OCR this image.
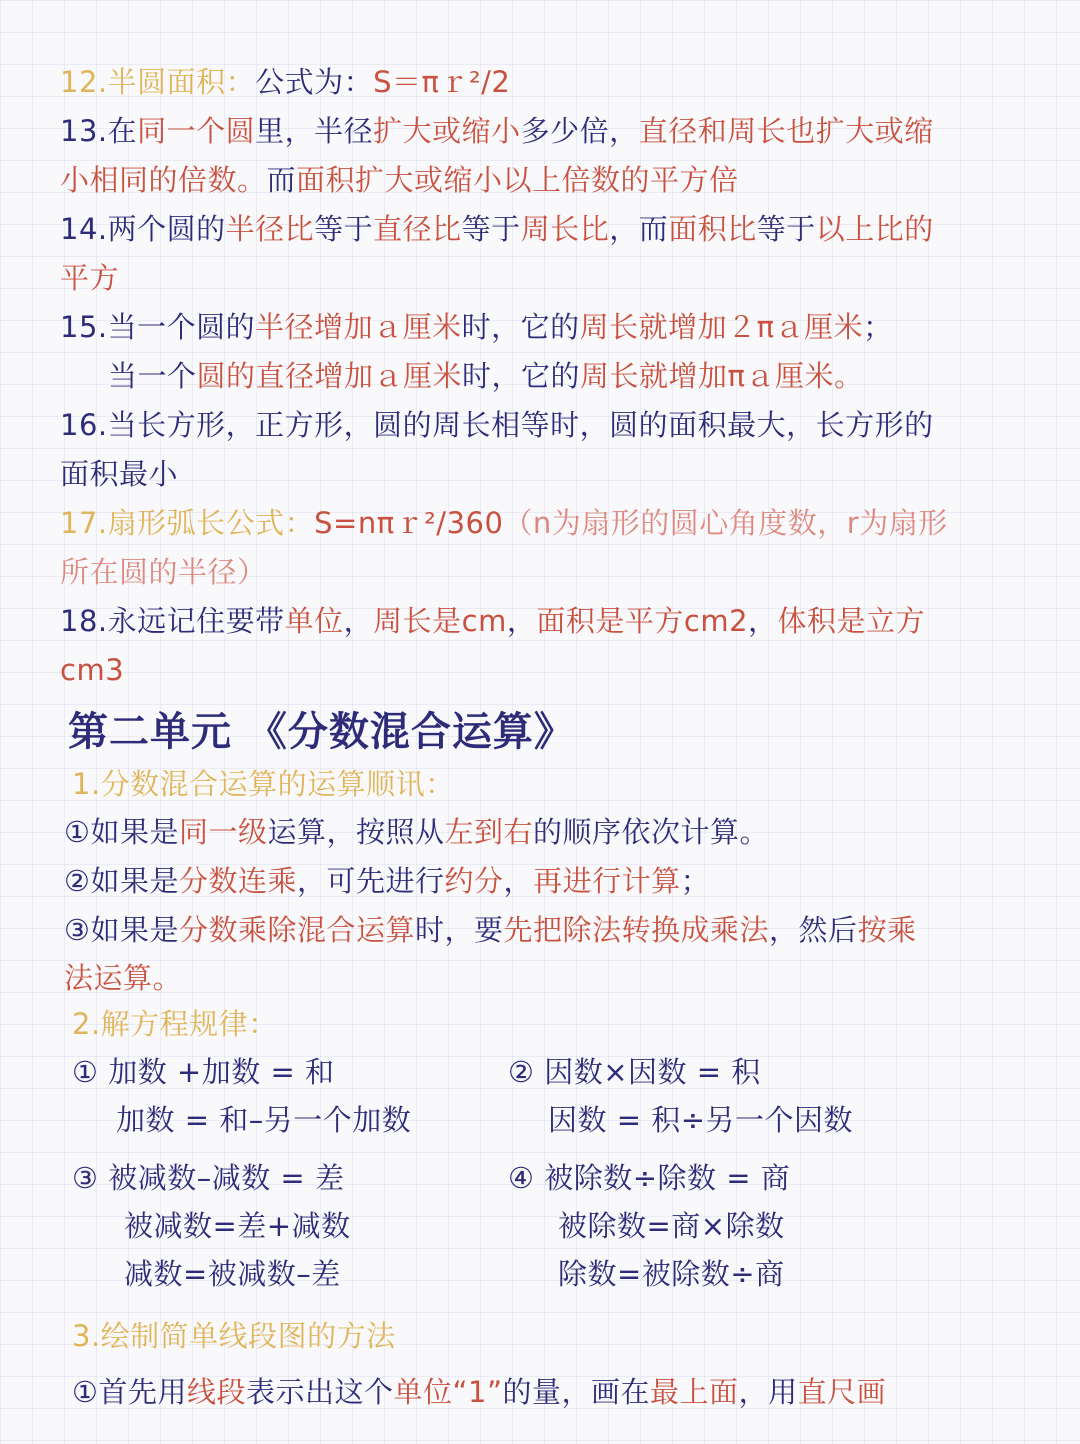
12.半圆面积：公式为：S＝πｒ²/2
13.在同一个圆里，半径扩大或缩小多少倍，直径和周长也扩大或缩
小相同的倍数。而面积扩大或缩小以上倍数的平方倍
14.两个圆的半径比等于直径比等于周长比，而面积比等于以上比的
平方
15.当一个圆的半径增加ａ厘米时，它的周长就增加２πａ厘米；
当一个圆的直径增加ａ厘米时，它的周长就增加πａ厘米。
16.当长方形，正方形，圆的周长相等时，圆的面积最大，长方形的
面积最小
17.扇形弧长公式：S=nπｒ²/360（n为扇形的圆心角度数，r为扇形
所在圆的半径）
18.永远记住要带单位，周长是cm，面积是平方cm2，体积是立方
cm3
第二单元 《分数混合运算》
1.分数混合运算的运算顺讯：
①如果是同一级运算，按照从左到右的顺序依次计算。
②如果是分数连乘，可先进行约分，再进行计算；
③如果是分数乘除混合运算时，要先把除法转换成乘法，然后按乘
法运算。
2.解方程规律：
① 加数 +加数 = 和
加数 = 和–另一个加数
② 因数×因数 = 积
因数 = 积÷另一个因数
③ 被减数–减数 = 差
被减数=差+减数
减数=被减数–差
④ 被除数÷除数 = 商
被除数=商×除数
除数=被除数÷商
3.绘制简单线段图的方法
①首先用线段表示出这个单位“1”的量，画在最上面，用直尺画
